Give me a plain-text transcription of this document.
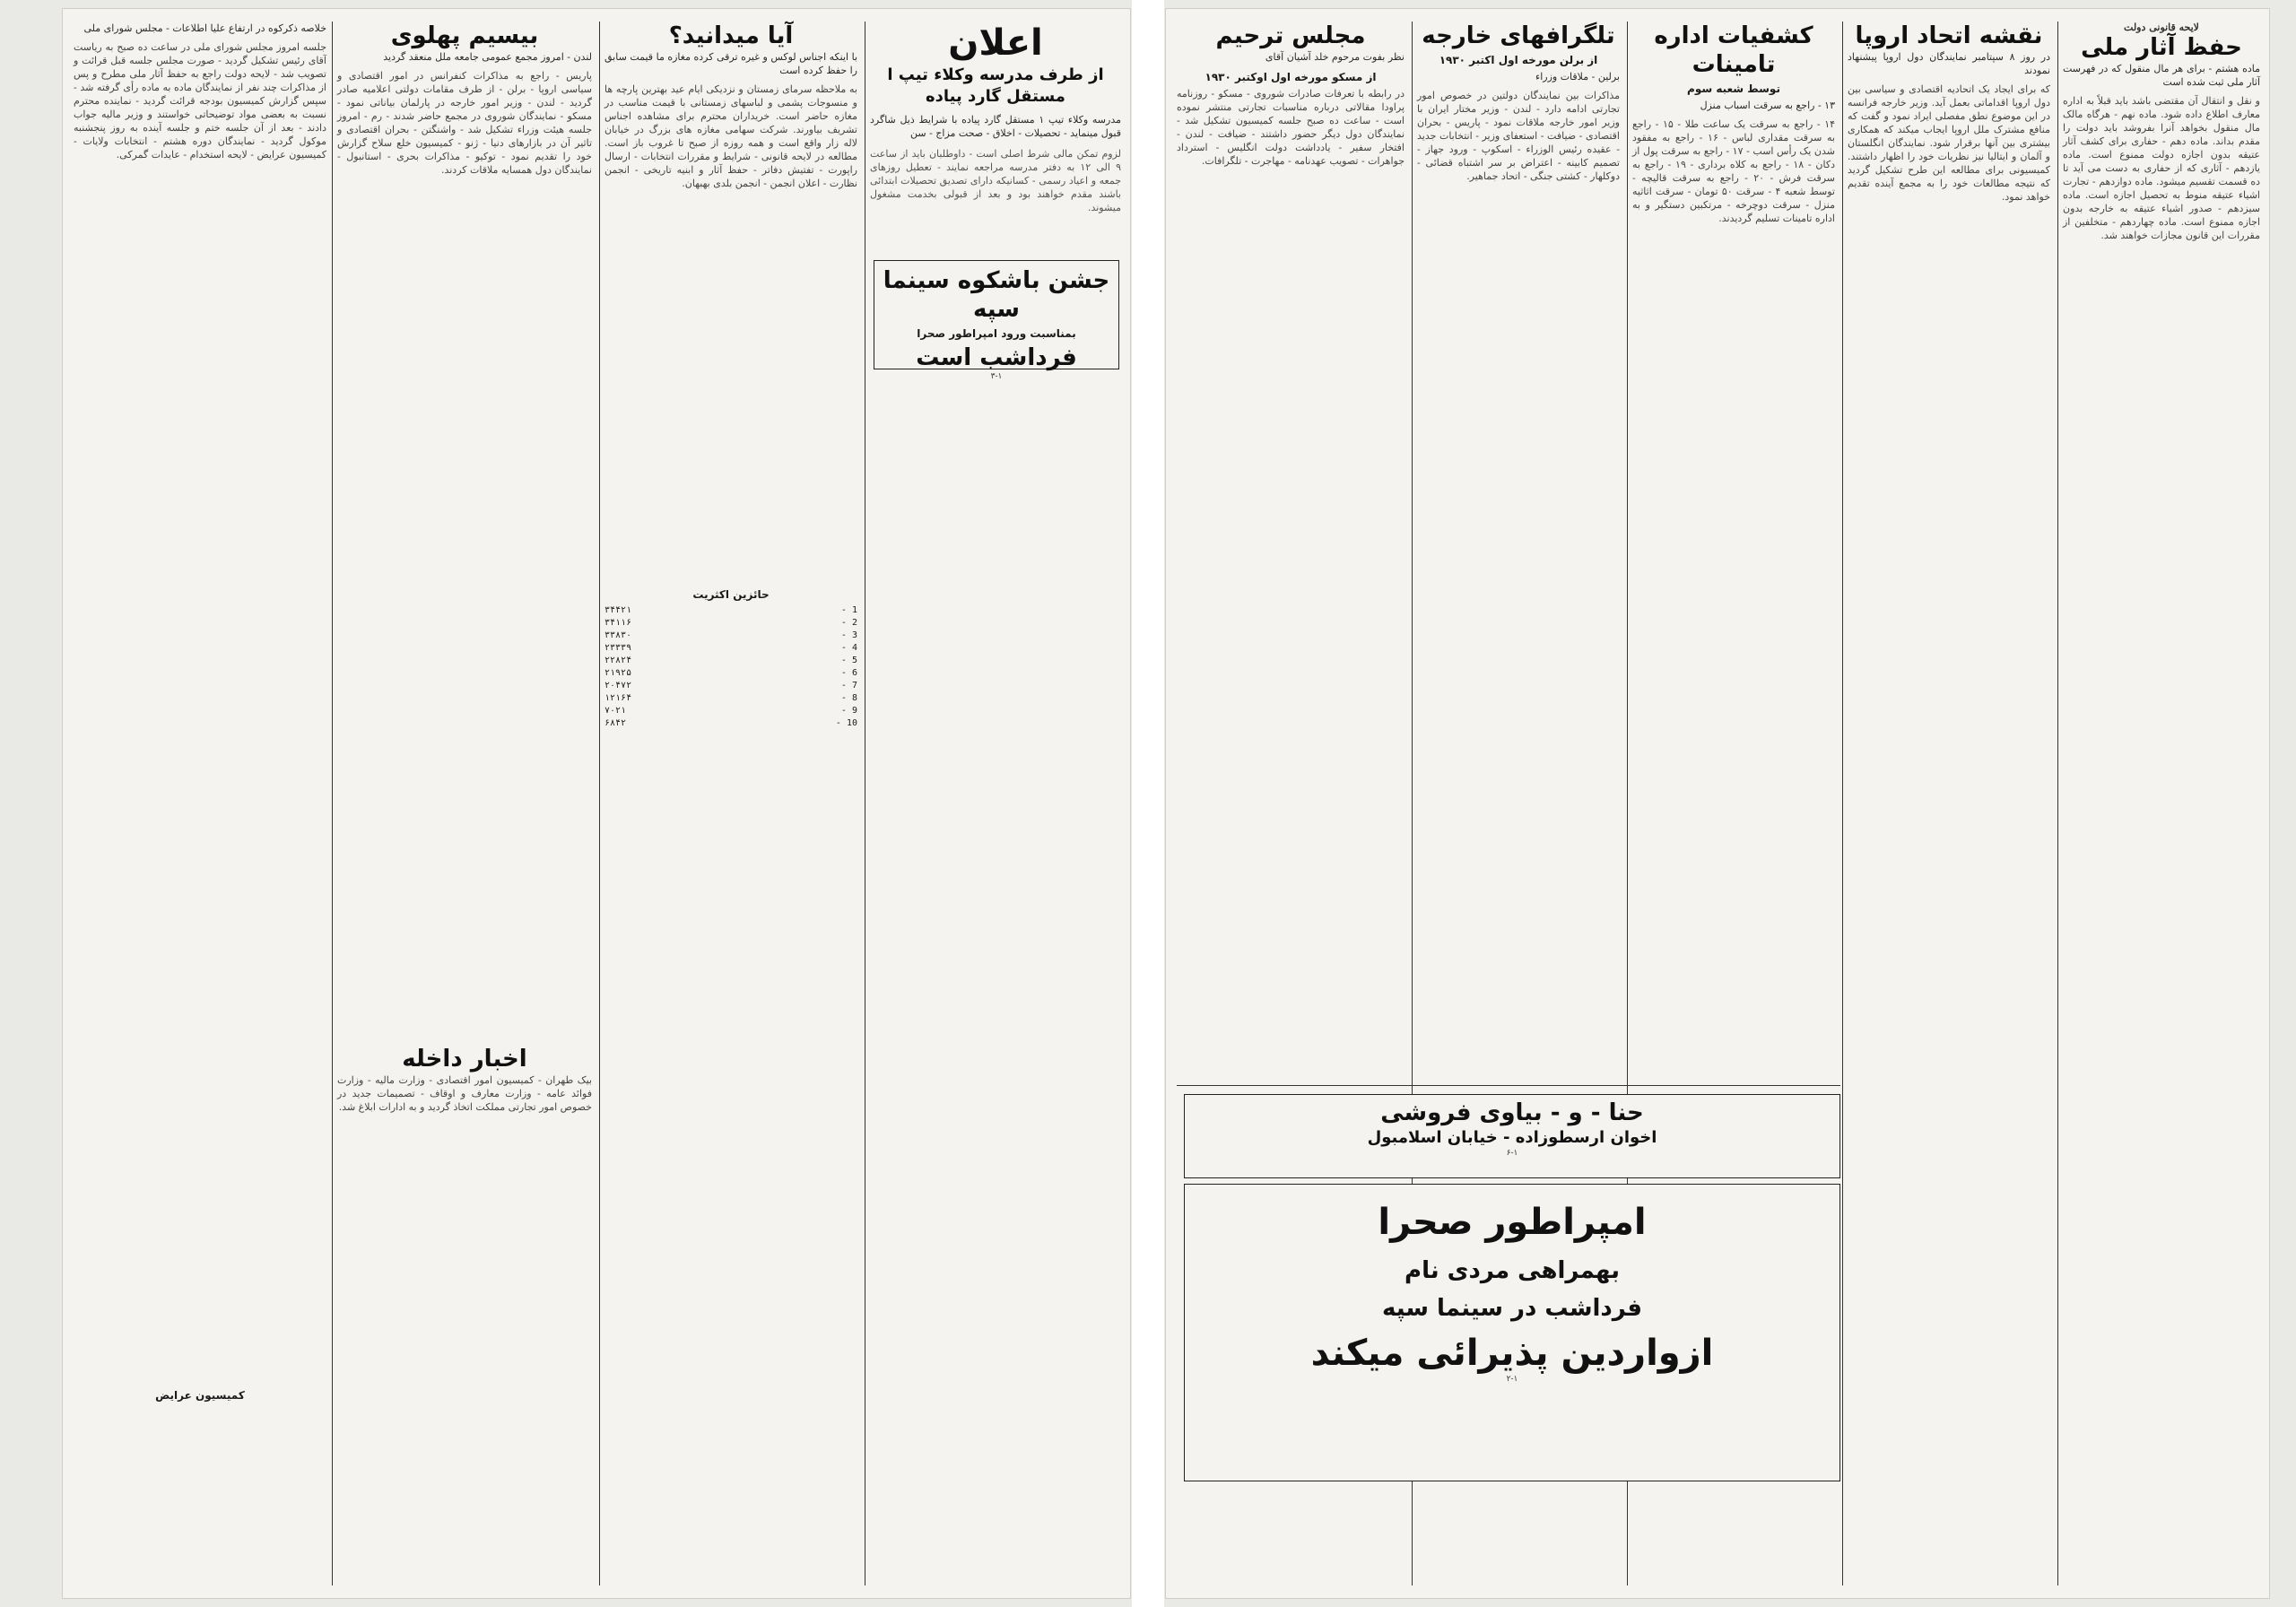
اعلان
از طرف مدرسه وکلاء تیپ ا مستقل گارد پیاده
مدرسه وکلاء تیپ ۱ مستقل گارد پیاده با شرایط ذیل شاگرد قبول مینماید - تحصیلات - اخلاق - صحت مزاج - سن
لزوم تمکن مالی شرط اصلی است - داوطلبان باید از ساعت ۹ الی ۱۲ به دفتر مدرسه مراجعه نمایند - تعطیل روزهای جمعه و اعیاد رسمی - کسانیکه دارای تصدیق تحصیلات ابتدائی باشند مقدم خواهند بود و بعد از قبولی بخدمت مشغول میشوند.
جشن باشکوه سینما سپه
بمناسبت ورود امپراطور صحرا
فرداشب است
۳-۱
آیا میدانید؟
با اینکه اجناس لوکس و غیره ترقی کرده مغازه ما قیمت سابق را حفظ کرده است
به ملاحظه سرمای زمستان و نزدیکی ایام عید بهترین پارچه ها و منسوجات پشمی و لباسهای زمستانی با قیمت مناسب در مغازه حاضر است. خریداران محترم برای مشاهده اجناس تشریف بیاورند. شرکت سهامی مغازه های بزرگ در خیابان لاله زار واقع است و همه روزه از صبح تا غروب باز است. مطالعه در لایحه قانونی - شرایط و مقررات انتخابات - ارسال راپورت - تفتیش دفاتر - حفظ آثار و ابنیه تاریخی - انجمن نظارت - اعلان انجمن - انجمن بلدی بهبهان.
حائزین اکثریت
1 -
۳۴۴۲۱
2 -
۳۴۱۱۶
3 -
۳۳۸۳۰
4 -
۲۳۳۳۹
5 -
۲۲۸۲۴
6 -
۲۱۹۲۵
7 -
۲۰۴۷۲
8 -
۱۲۱۶۴
9 -
۷۰۲۱
10 -
۶۸۴۲
بیسیم پهلوی
لندن - امروز مجمع عمومی جامعه ملل منعقد گردید
پاریس - راجع به مذاکرات کنفرانس در امور اقتصادی و سیاسی اروپا - برلن - از طرف مقامات دولتی اعلامیه صادر گردید - لندن - وزیر امور خارجه در پارلمان بیاناتی نمود - مسکو - نمایندگان شوروی در مجمع حاضر شدند - رم - امروز جلسه هیئت وزراء تشکیل شد - واشنگتن - بحران اقتصادی و تاثیر آن در بازارهای دنیا - ژنو - کمیسیون خلع سلاح گزارش خود را تقدیم نمود - توکیو - مذاکرات بحری - استانبول - نمایندگان دول همسایه ملاقات کردند.
اخبار داخله
بیک طهران - کمیسیون امور اقتصادی - وزارت مالیه - وزارت فوائد عامه - وزارت معارف و اوقاف - تصمیمات جدید در خصوص امور تجارتی مملکت اتخاذ گردید و به ادارات ابلاغ شد.
خلاصه ذکرکوه در ارتفاع علیا اطلاعات - مجلس شورای ملی
جلسه امروز مجلس شورای ملی در ساعت ده صبح به ریاست آقای رئیس تشکیل گردید - صورت مجلس جلسه قبل قرائت و تصویب شد - لایحه دولت راجع به حفظ آثار ملی مطرح و پس از مذاکرات چند نفر از نمایندگان ماده به ماده رأی گرفته شد - سپس گزارش کمیسیون بودجه قرائت گردید - نماینده محترم نسبت به بعضی مواد توضیحاتی خواستند و وزیر مالیه جواب دادند - بعد از آن جلسه ختم و جلسه آینده به روز پنجشنبه موکول گردید - نمایندگان دوره هشتم - انتخابات ولایات - کمیسیون عرایض - لایحه استخدام - عایدات گمرکی.
کمیسیون عرایض
لایحه قانونی دولت
حفظ آثار ملی
ماده هشتم - برای هر مال منقول که در فهرست آثار ملی ثبت شده است
و نقل و انتقال آن مقتضی باشد باید قبلاً به اداره معارف اطلاع داده شود. ماده نهم - هرگاه مالک مال منقول بخواهد آنرا بفروشد باید دولت را مقدم بداند. ماده دهم - حفاری برای کشف آثار عتیقه بدون اجازه دولت ممنوع است. ماده یازدهم - آثاری که از حفاری به دست می آید تا ده قسمت تقسیم میشود. ماده دوازدهم - تجارت اشیاء عتیقه منوط به تحصیل اجازه است. ماده سیزدهم - صدور اشیاء عتیقه به خارجه بدون اجازه ممنوع است. ماده چهاردهم - متخلفین از مقررات این قانون مجازات خواهند شد.
نقشه اتحاد اروپا
در روز ۸ سپتامبر نمایندگان دول اروپا پیشنهاد نمودند
که برای ایجاد یک اتحادیه اقتصادی و سیاسی بین دول اروپا اقداماتی بعمل آید. وزیر خارجه فرانسه در این موضوع نطق مفصلی ایراد نمود و گفت که منافع مشترک ملل اروپا ایجاب میکند که همکاری بیشتری بین آنها برقرار شود. نمایندگان انگلستان و آلمان و ایتالیا نیز نظریات خود را اظهار داشتند. کمیسیونی برای مطالعه این طرح تشکیل گردید که نتیجه مطالعات خود را به مجمع آینده تقدیم خواهد نمود.
کشفیات اداره تامینات
توسط شعبه سوم
۱۳ - راجع به سرقت اسباب منزل
۱۴ - راجع به سرقت یک ساعت طلا - ۱۵ - راجع به سرقت مقداری لباس - ۱۶ - راجع به مفقود شدن یک رأس اسب - ۱۷ - راجع به سرقت پول از دکان - ۱۸ - راجع به کلاه برداری - ۱۹ - راجع به سرقت فرش - ۲۰ - راجع به سرقت قالیچه - توسط شعبه ۴ - سرقت ۵۰ تومان - سرقت اثاثیه منزل - سرقت دوچرخه - مرتکبین دستگیر و به اداره تامینات تسلیم گردیدند.
تلگرافهای خارجه
از برلن مورخه اول اکتبر ۱۹۳۰
برلین - ملاقات وزراء
مذاکرات بین نمایندگان دولتین در خصوص امور تجارتی ادامه دارد - لندن - وزیر مختار ایران با وزیر امور خارجه ملاقات نمود - پاریس - بحران اقتصادی - ضیافت - استعفای وزیر - انتخابات جدید - عقیده رئیس الوزراء - اسکوپ - ورود جهاز - تصمیم کابینه - اعتراض بر سر اشتباه قضائی - دوکلهار - کشتی جنگی - اتحاد جماهیر.
مجلس ترحیم
نظر بفوت مرحوم خلد آشیان آقای
از مسکو مورخه اول اوکتبر ۱۹۳۰
در رابطه با تعرفات صادرات شوروی - مسکو - روزنامه پراودا مقالاتی درباره مناسبات تجارتی منتشر نموده است - ساعت ده صبح جلسه کمیسیون تشکیل شد - نمایندگان دول دیگر حضور داشتند - ضیافت - لندن - افتخار سفیر - یادداشت دولت انگلیس - استرداد جواهرات - تصویب عهدنامه - مهاجرت - تلگرافات.
حنا - و - بیاوی فروشی
اخوان ارسطوزاده - خیابان اسلامبول
۶-۱
امپراطور صحرا
بهمراهی مردی نام
فرداشب در سینما سپه
ازواردین پذیرائی میکند
۲-۱
